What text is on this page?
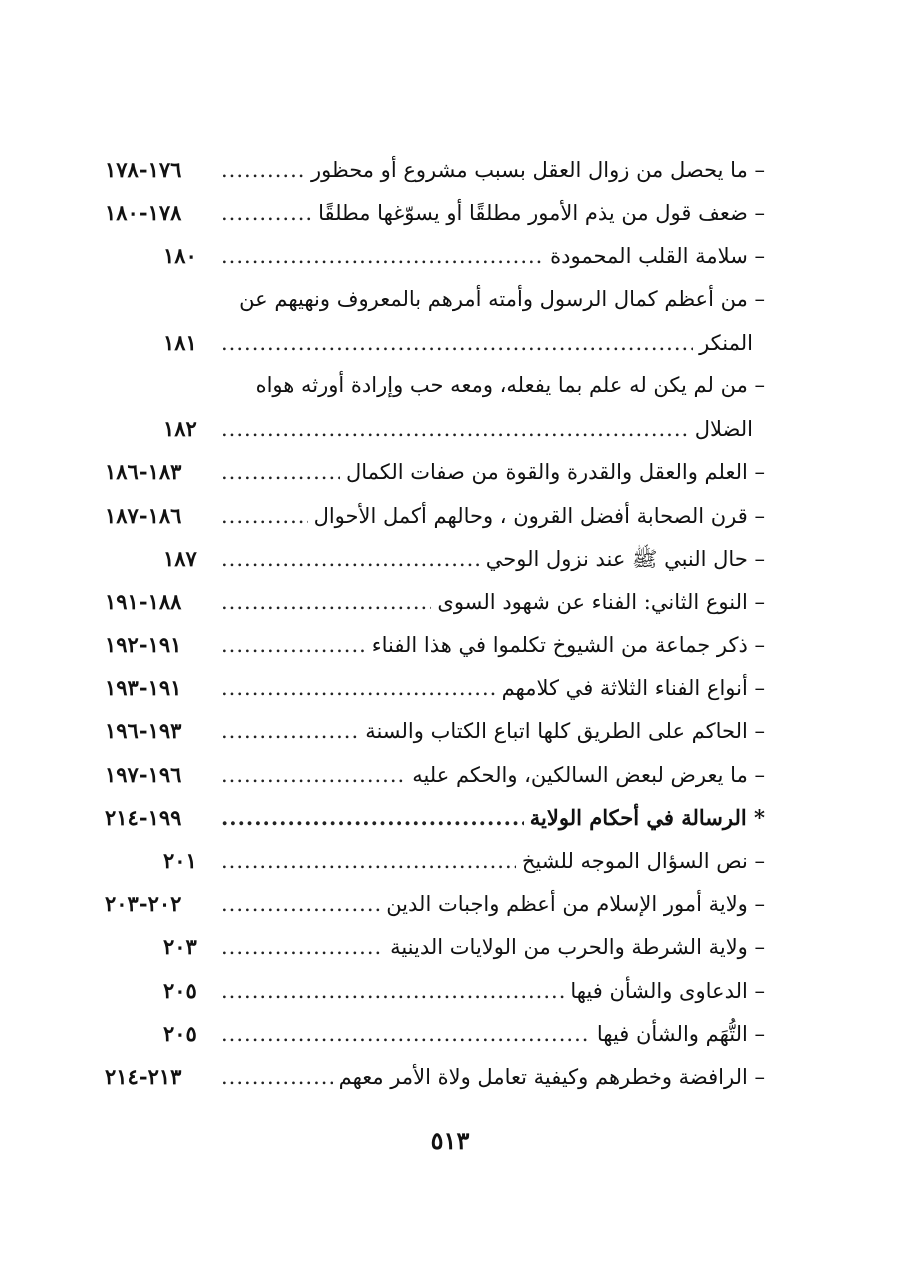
– ما يحصل من زوال العقل بسبب مشروع أو محظور
.....
١٧٦-١٧٨
– ضعف قول من يذم الأمور مطلقًا أو يسوّغها مطلقًا
.....
١٧٨-١٨٠
– سلامة القلب المحمودة
.....
١٨٠
– من أعظم كمال الرسول وأمته أمرهم بالمعروف ونهيهم عن
المنكر
.....
١٨١
– من لم يكن له علم بما يفعله، ومعه حب وإرادة أورثه هواه
الضلال
.....
١٨٢
– العلم والعقل والقدرة والقوة من صفات الكمال
.....
١٨٣-١٨٦
– قرن الصحابة أفضل القرون ، وحالهم أكمل الأحوال
.....
١٨٦-١٨٧
– حال النبي ﷺ عند نزول الوحي
.....
١٨٧
– النوع الثاني: الفناء عن شهود السوى
.....
١٨٨-١٩١
– ذكر جماعة من الشيوخ تكلموا في هذا الفناء
.....
١٩١-١٩٢
– أنواع الفناء الثلاثة في كلامهم
.....
١٩١-١٩٣
– الحاكم على الطريق كلها اتباع الكتاب والسنة
.....
١٩٣-١٩٦
– ما يعرض لبعض السالكين، والحكم عليه
.....
١٩٦-١٩٧
* الرسالة في أحكام الولاية
.....
١٩٩-٢١٤
– نص السؤال الموجه للشيخ
.....
٢٠١
– ولاية أمور الإسلام من أعظم واجبات الدين
.....
٢٠٢-٢٠٣
– ولاية الشرطة والحرب من الولايات الدينية
.....
٢٠٣
– الدعاوى والشأن فيها
.....
٢٠٥
– التُّهَم والشأن فيها
.....
٢٠٥
– الرافضة وخطرهم وكيفية تعامل ولاة الأمر معهم
.....
٢١٣-٢١٤
٥١٣
